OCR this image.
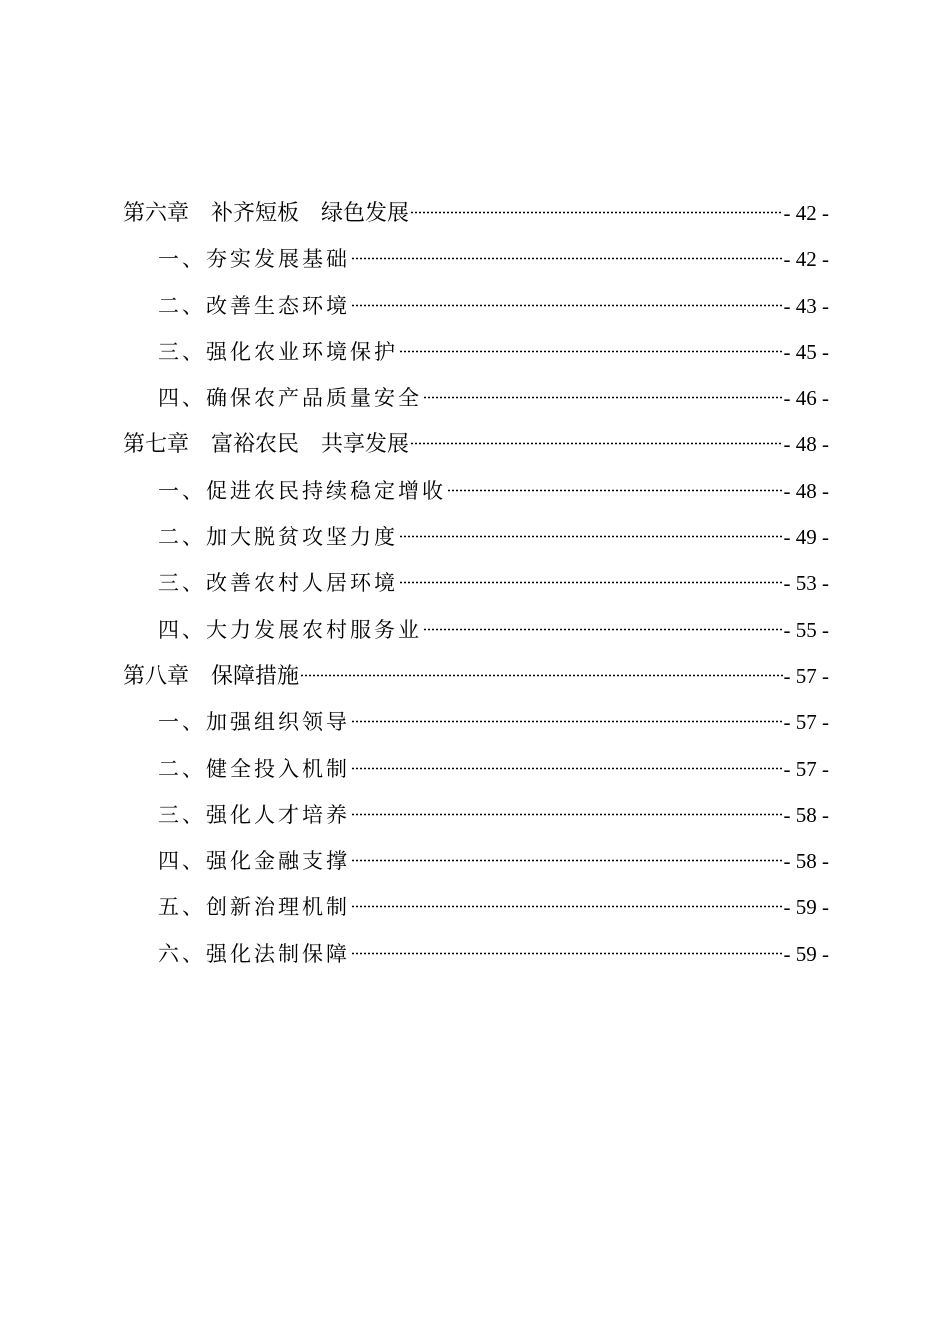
第六章　补齐短板　绿色发展	- 42 -
一、夯实发展基础	- 42 -
二、改善生态环境	- 43 -
三、强化农业环境保护	- 45 -
四、确保农产品质量安全	- 46 -
第七章　富裕农民　共享发展	- 48 -
一、促进农民持续稳定增收	- 48 -
二、加大脱贫攻坚力度	- 49 -
三、改善农村人居环境	- 53 -
四、大力发展农村服务业	- 55 -
第八章　保障措施	- 57 -
一、加强组织领导	- 57 -
二、健全投入机制	- 57 -
三、强化人才培养	- 58 -
四、强化金融支撑	- 58 -
五、创新治理机制	- 59 -
六、强化法制保障	- 59 -
